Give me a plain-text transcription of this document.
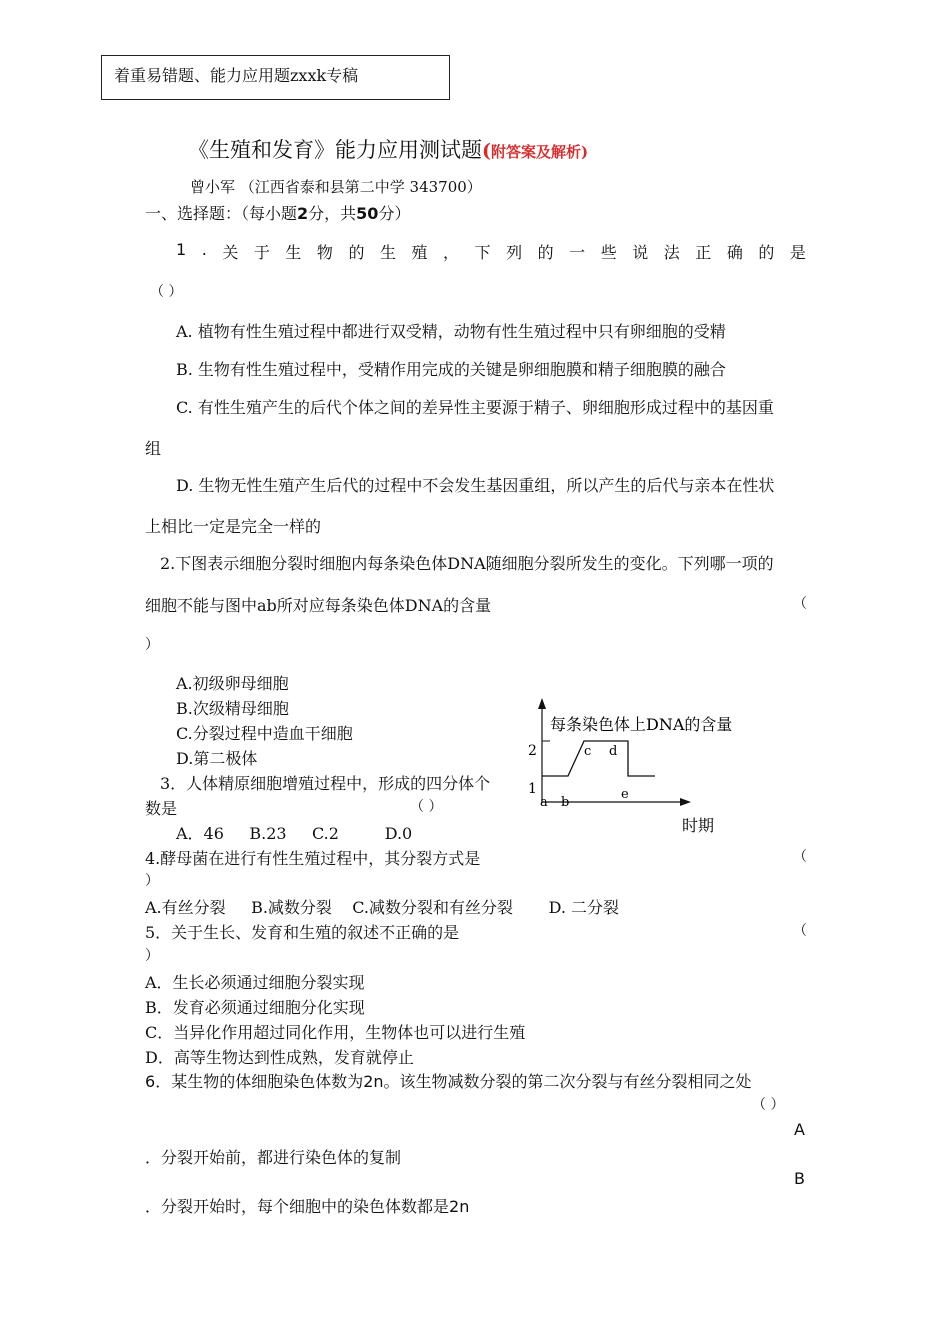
着重易错题、能力应用题zxxk专稿
《生殖和发育》能力应用测试题(附答案及解析)
曾小军 （江西省泰和县第二中学 343700）
一、选择题：（每小题2分，共50分）
1 . 关 于 生 物 的 生 殖 ， 下 列 的 一 些 说 法 正 确 的 是
（ ）
A. 植物有性生殖过程中都进行双受精，动物有性生殖过程中只有卵细胞的受精
B. 生物有性生殖过程中，受精作用完成的关键是卵细胞膜和精子细胞膜的融合
C. 有性生殖产生的后代个体之间的差异性主要源于精子、卵细胞形成过程中的基因重
组
D. 生物无性生殖产生后代的过程中不会发生基因重组，所以产生的后代与亲本在性状
上相比一定是完全一样的
2.下图表示细胞分裂时细胞内每条染色体DNA随细胞分裂所发生的变化。下列哪一项的
细胞不能与图中ab所对应每条染色体DNA的含量	（
）
A.初级卵母细胞
B.次级精母细胞
C.分裂过程中造血干细胞
D.第二极体
每条染色体上DNA的含量
2
1
a b
c d
e
时期
3．人体精原细胞增殖过程中，形成的四分体个
数是	（ ）
A．46     B.23     C.2         D.0
4.酵母菌在进行有性生殖过程中，其分裂方式是	（
）
A.有丝分裂     B.减数分裂    C.减数分裂和有丝分裂       D. 二分裂
5．关于生长、发育和生殖的叙述不正确的是	（
）
A．生长必须通过细胞分裂实现
B．发育必须通过细胞分化实现
C．当异化作用超过同化作用，生物体也可以进行生殖
D．高等生物达到性成熟，发育就停止
6．某生物的体细胞染色体数为2n。该生物减数分裂的第二次分裂与有丝分裂相同之处
（ ）
A
．分裂开始前，都进行染色体的复制
B
．分裂开始时，每个细胞中的染色体数都是2n
